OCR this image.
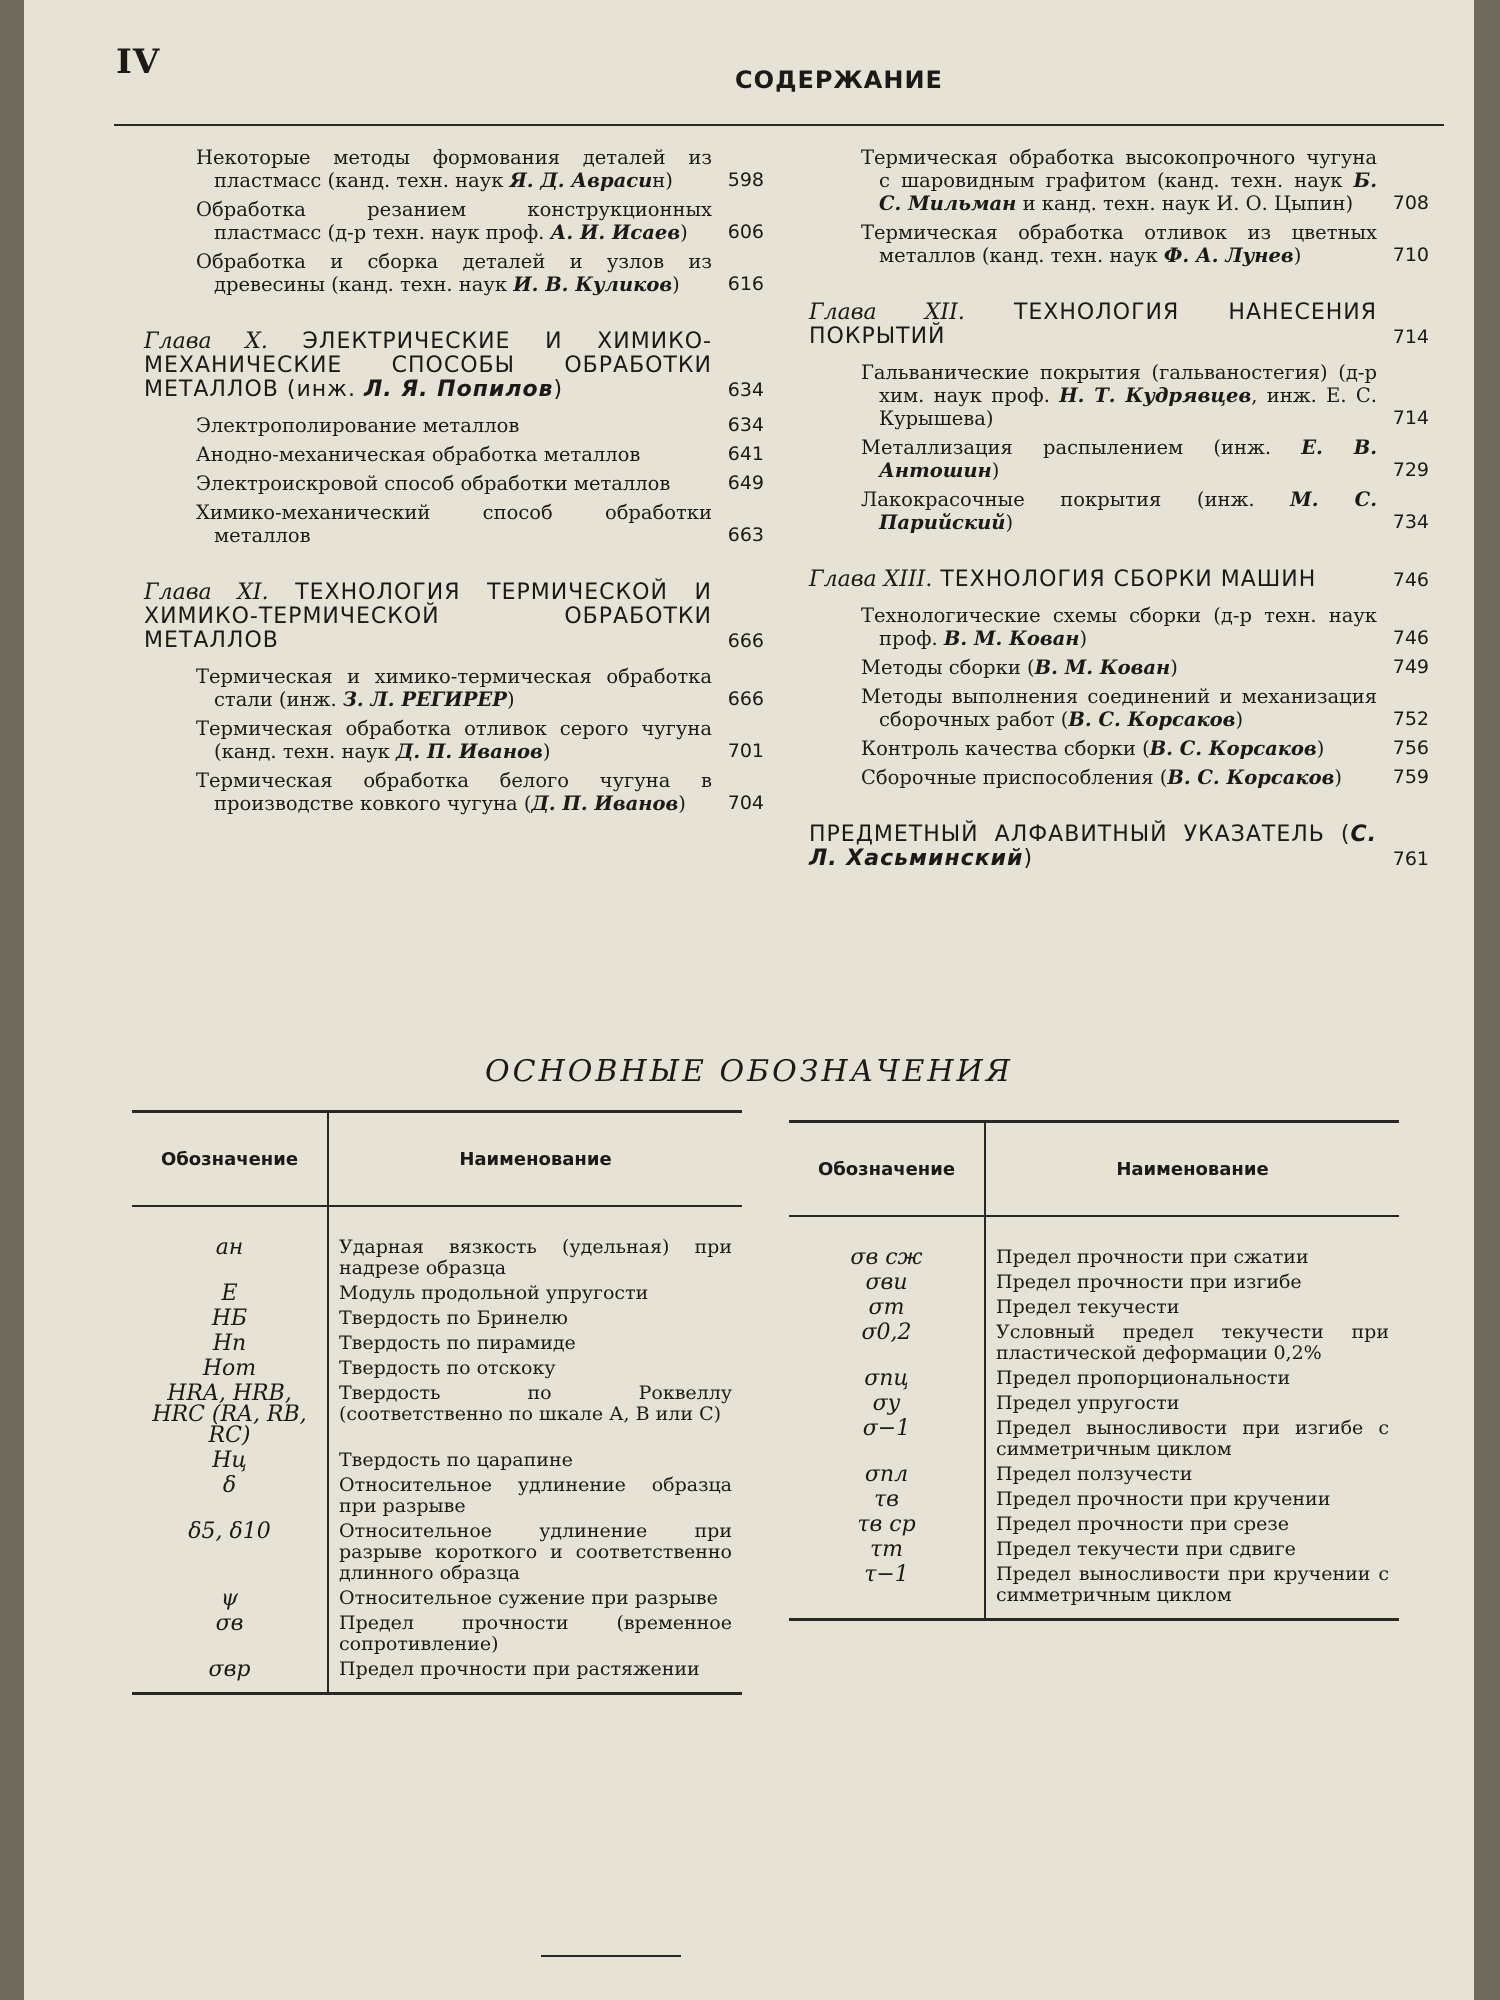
IV	СОДЕРЖАНИЕ
Некоторые методы формования деталей из пластмасс (канд. техн. наук Я. Д. Аврасин)	598
Обработка резанием конструкционных пластмасс (д-р техн. наук проф. А. И. Исаев)	606
Обработка и сборка деталей и узлов из древесины (канд. техн. наук И. В. Куликов)	616
Глава X. ЭЛЕКТРИЧЕСКИЕ И ХИМИКО-МЕХАНИЧЕСКИЕ СПОСОБЫ ОБРАБОТКИ МЕТАЛЛОВ (инж. Л. Я. Попилов)	634
Электрополирование металлов	634
Анодно-механическая обработка металлов	641
Электроискровой способ обработки металлов	649
Химико-механический способ обработки металлов	663
Глава XI. ТЕХНОЛОГИЯ ТЕРМИЧЕСКОЙ И ХИМИКО-ТЕРМИЧЕСКОЙ ОБРАБОТКИ МЕТАЛЛОВ	666
Термическая и химико-термическая обработка стали (инж. З. Л. РЕГИРЕР)	666
Термическая обработка отливок серого чугуна (канд. техн. наук Д. П. Иванов)	701
Термическая обработка белого чугуна в производстве ковкого чугуна (Д. П. Иванов)	704
Термическая обработка высокопрочного чугуна с шаровидным графитом (канд. техн. наук Б. С. Мильман и канд. техн. наук И. О. Цыпин)	708
Термическая обработка отливок из цветных металлов (канд. техн. наук Ф. А. Лунев)	710
Глава XII. ТЕХНОЛОГИЯ НАНЕСЕНИЯ ПОКРЫТИЙ	714
Гальванические покрытия (гальваностегия) (д-р хим. наук проф. Н. Т. Кудрявцев, инж. Е. С. Курышева)	714
Металлизация распылением (инж. Е. В. Антошин)	729
Лакокрасочные покрытия (инж. М. С. Парийский)	734
Глава XIII. ТЕХНОЛОГИЯ СБОРКИ МАШИН	746
Технологические схемы сборки (д-р техн. наук проф. В. М. Кован)	746
Методы сборки (В. М. Кован)	749
Методы выполнения соединений и механизация сборочных работ (В. С. Корсаков)	752
Контроль качества сборки (В. С. Корсаков)	756
Сборочные приспособления (В. С. Корсаков)	759
ПРЕДМЕТНЫЙ АЛФАВИТНЫЙ УКАЗАТЕЛЬ (С. Л. Хасьминский)	761
ОСНОВНЫЕ ОБОЗНАЧЕНИЯ
Обозначение	Наименование
aн	Ударная вязкость (удельная) при надрезе образца
E	Модуль продольной упругости
HБ	Твердость по Бринелю
Hп	Твердость по пирамиде
Hот	Твердость по отскоку
HRA, HRB, HRC (RA, RB, RC)	Твердость по Роквеллу (соответственно по шкале А, В или С)
Hц	Твердость по царапине
δ	Относительное удлинение образца при разрыве
δ5, δ10	Относительное удлинение при разрыве короткого и соответственно длинного образца
ψ	Относительное сужение при разрыве
σв	Предел прочности (временное сопротивление)
σвр	Предел прочности при растяжении
Обозначение	Наименование
σв сж	Предел прочности при сжатии
σви	Предел прочности при изгибе
σт	Предел текучести
σ0,2	Условный предел текучести при пластической деформации 0,2%
σпц	Предел пропорциональности
σу	Предел упругости
σ−1	Предел выносливости при изгибе с симметричным циклом
σпл	Предел ползучести
τв	Предел прочности при кручении
τв ср	Предел прочности при срезе
τт	Предел текучести при сдвиге
τ−1	Предел выносливости при кручении с симметричным циклом
